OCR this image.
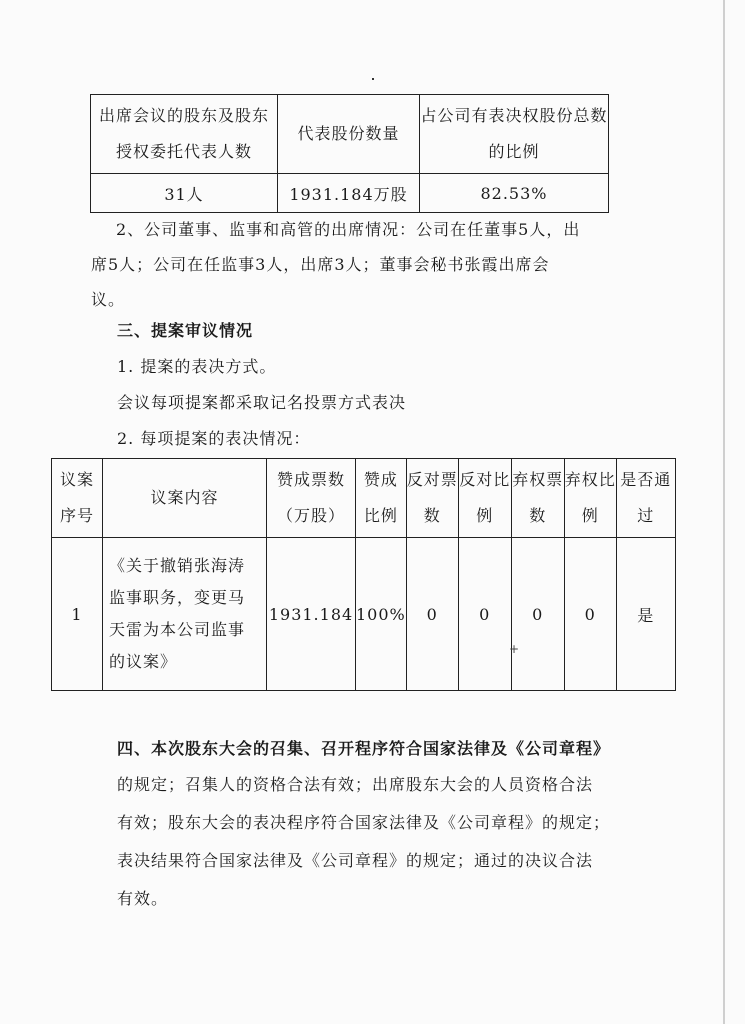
出席会议的股东及股东授权委托代表人数	代表股份数量	占公司有表决权股份总数的比例
31人	1931.184万股	82.53%
2、公司董事、监事和高管的出席情况：公司在任董事5人，出
席5人；公司在任监事3人，出席3人；董事会秘书张霞出席会
议。
三、提案审议情况
1. 提案的表决方式。
会议每项提案都采取记名投票方式表决
2. 每项提案的表决情况：
议案序号	议案内容	赞成票数（万股）	赞成比例	反对票数	反对比例	弃权票数	弃权比例	是否通过
1	《关于撤销张海涛监事职务，变更马天雷为本公司监事的议案》	1931.184	100%	0	0	0	0	是
+
四、本次股东大会的召集、召开程序符合国家法律及《公司章程》
的规定；召集人的资格合法有效；出席股东大会的人员资格合法
有效；股东大会的表决程序符合国家法律及《公司章程》的规定；
表决结果符合国家法律及《公司章程》的规定；通过的决议合法
有效。
